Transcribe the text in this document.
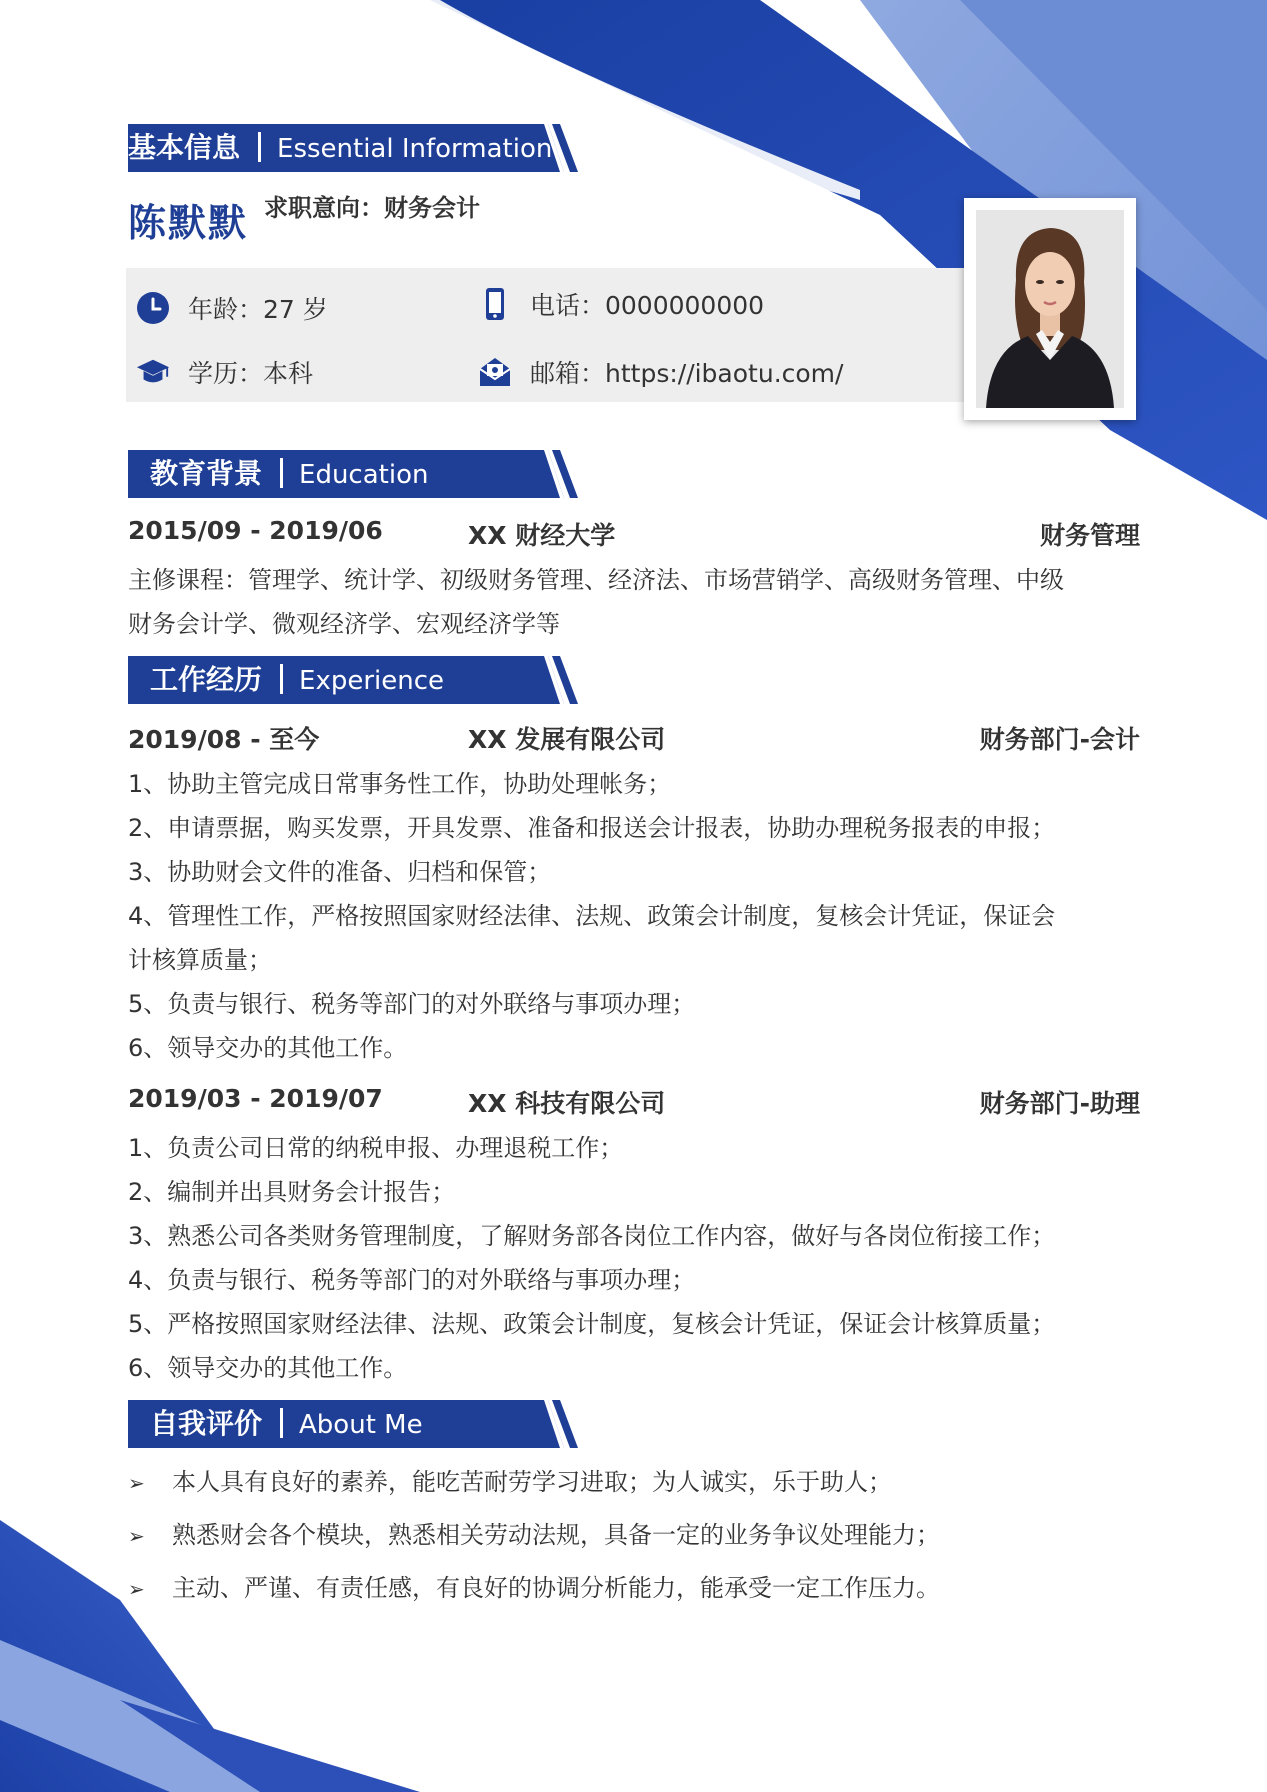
基本信息 Essential Information
陈默默 求职意向：财务会计
年龄：27 岁	电话：0000000000
学历：本科	邮箱：https://ibaotu.com/
教育背景 Education
2015/09 - 2019/06	XX 财经大学	财务管理
主修课程：管理学、统计学、初级财务管理、经济法、市场营销学、高级财务管理、中级
财务会计学、微观经济学、宏观经济学等
工作经历 Experience
2019/08 - 至今	XX 发展有限公司	财务部门-会计
1、协助主管完成日常事务性工作，协助处理帐务；
2、申请票据，购买发票，开具发票、准备和报送会计报表，协助办理税务报表的申报；
3、协助财会文件的准备、归档和保管；
4、管理性工作，严格按照国家财经法律、法规、政策会计制度，复核会计凭证，保证会
计核算质量；
5、负责与银行、税务等部门的对外联络与事项办理；
6、领导交办的其他工作。
2019/03 - 2019/07	XX 科技有限公司	财务部门-助理
1、负责公司日常的纳税申报、办理退税工作；
2、编制并出具财务会计报告；
3、熟悉公司各类财务管理制度，了解财务部各岗位工作内容，做好与各岗位衔接工作；
4、负责与银行、税务等部门的对外联络与事项办理；
5、严格按照国家财经法律、法规、政策会计制度，复核会计凭证，保证会计核算质量；
6、领导交办的其他工作。
自我评价 About Me
➢ 本人具有良好的素养，能吃苦耐劳学习进取；为人诚实，乐于助人；
➢ 熟悉财会各个模块，熟悉相关劳动法规，具备一定的业务争议处理能力；
➢ 主动、严谨、有责任感，有良好的协调分析能力，能承受一定工作压力。
